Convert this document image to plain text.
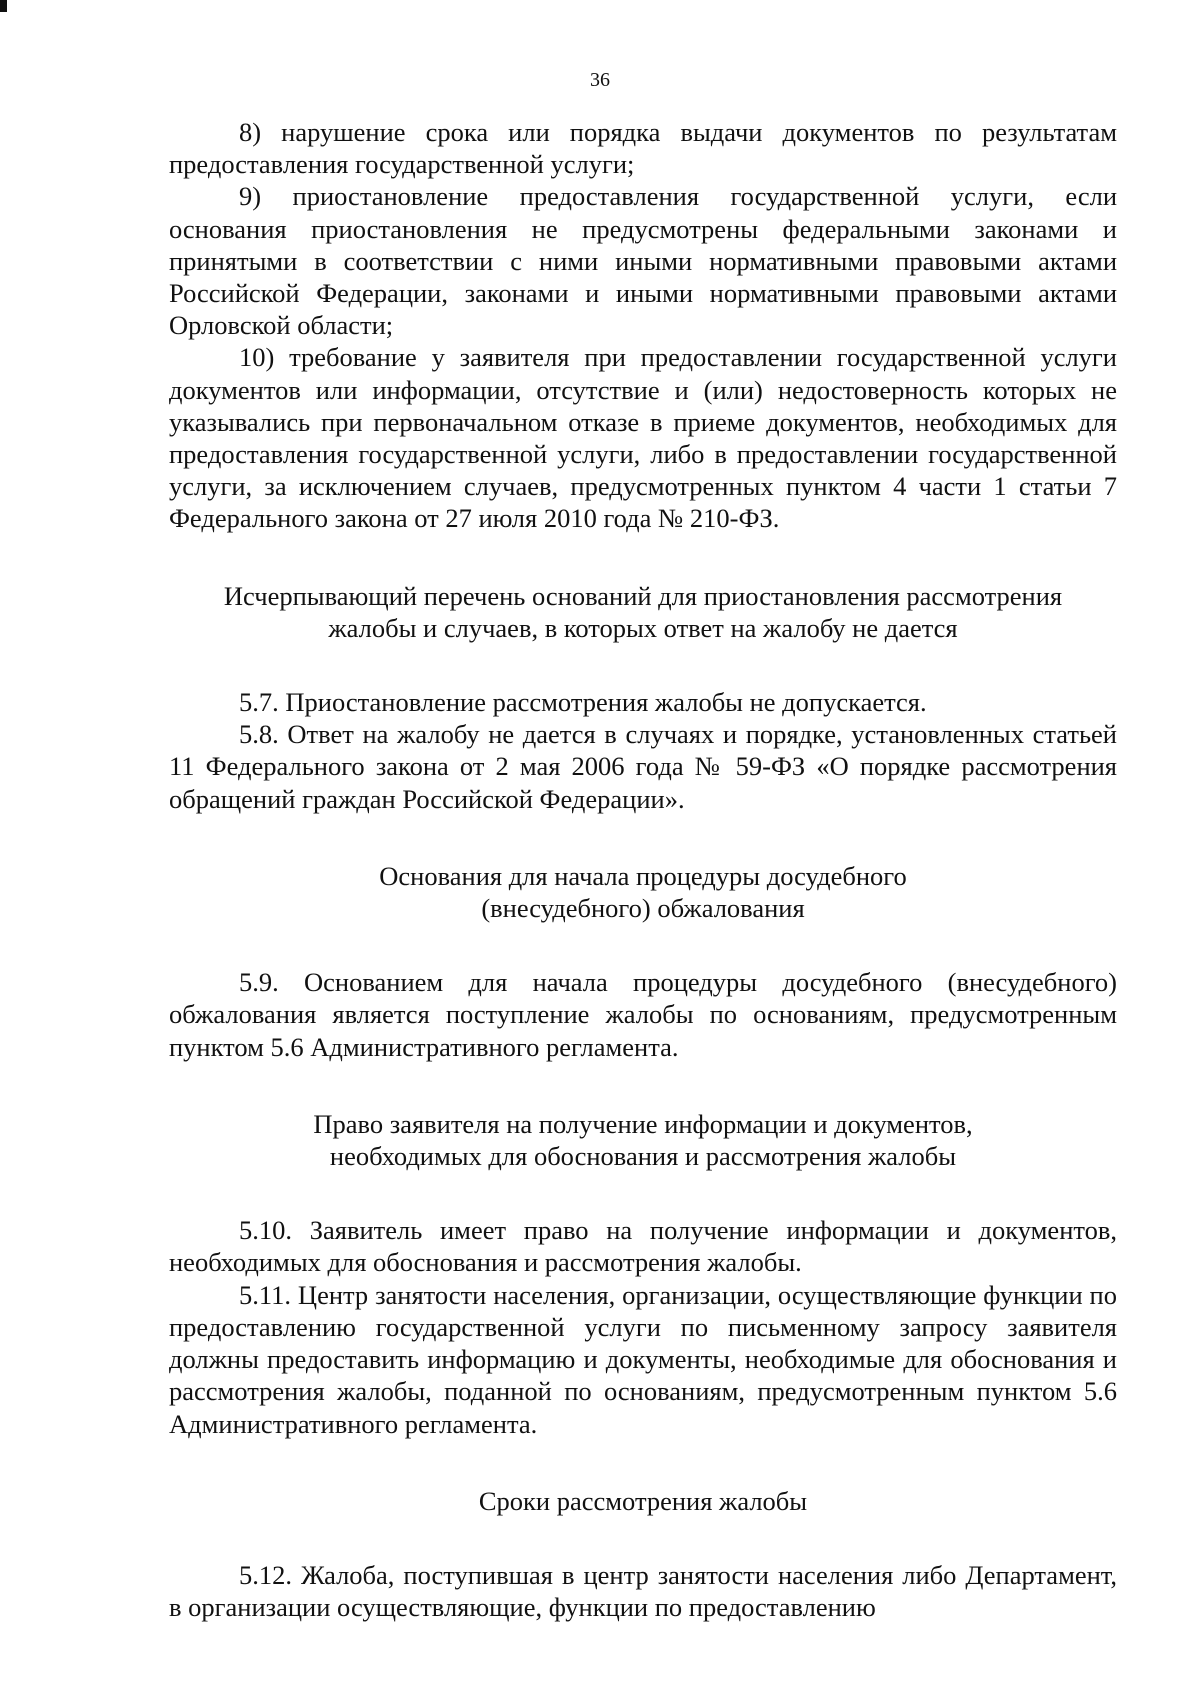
36

8) нарушение срока или порядка выдачи документов по результатам предоставления государственной услуги;

9) приостановление предоставления государственной услуги, если основания приостановления не предусмотрены федеральными законами и принятыми в соответствии с ними иными нормативными правовыми актами Российской Федерации, законами и иными нормативными правовыми актами Орловской области;

10) требование у заявителя при предоставлении государственной услуги документов или информации, отсутствие и (или) недостоверность которых не указывались при первоначальном отказе в приеме документов, необходимых для предоставления государственной услуги, либо в предоставлении государственной услуги, за исключением случаев, предусмотренных пунктом 4 части 1 статьи 7 Федерального закона от 27 июля 2010 года № 210-ФЗ.

Исчерпывающий перечень оснований для приостановления рассмотрения
жалобы и случаев, в которых ответ на жалобу не дается

5.7. Приостановление рассмотрения жалобы не допускается.

5.8. Ответ на жалобу не дается в случаях и порядке, установленных статьей 11 Федерального закона от 2 мая 2006 года № 59-ФЗ «О порядке рассмотрения обращений граждан Российской Федерации».

Основания для начала процедуры досудебного
(внесудебного) обжалования

5.9. Основанием для начала процедуры досудебного (внесудебного) обжалования является поступление жалобы по основаниям, предусмотренным пунктом 5.6 Административного регламента.

Право заявителя на получение информации и документов,
необходимых для обоснования и рассмотрения жалобы

5.10. Заявитель имеет право на получение информации и документов, необходимых для обоснования и рассмотрения жалобы.

5.11. Центр занятости населения, организации, осуществляющие функции по предоставлению государственной услуги по письменному запросу заявителя должны предоставить информацию и документы, необходимые для обоснования и рассмотрения жалобы, поданной по основаниям, предусмотренным пунктом 5.6 Административного регламента.

Сроки рассмотрения жалобы

5.12. Жалоба, поступившая в центр занятости населения либо Департамент, в организации осуществляющие, функции по предоставлению
